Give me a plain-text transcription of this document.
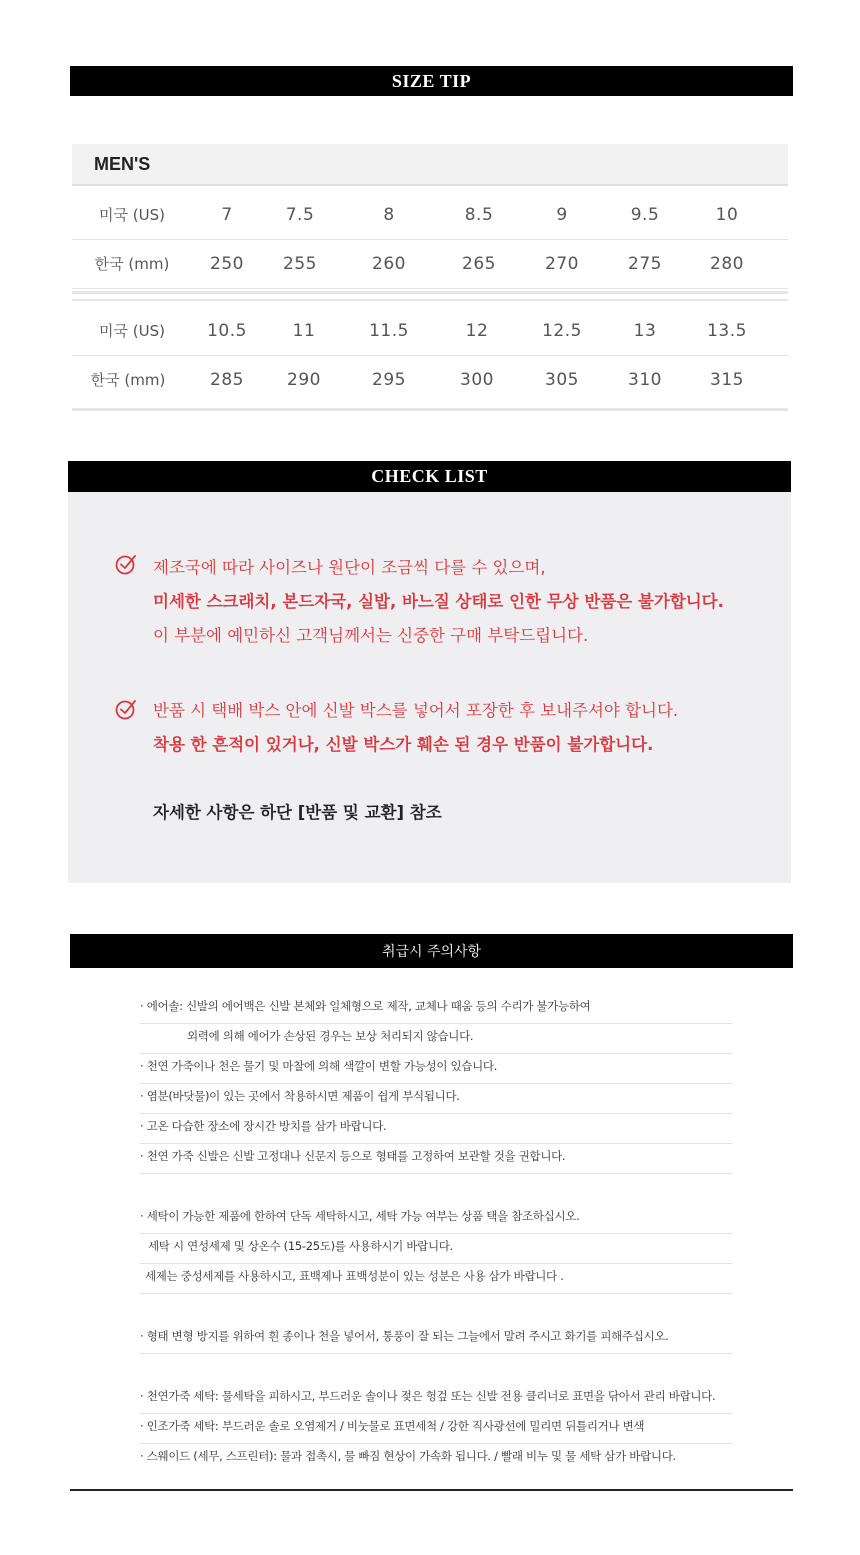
SIZE TIP
MEN'S
미국 (US)	7	7.5	8	8.5	9	9.5	10
한국 (mm)	250	255	260	265	270	275	280
미국 (US)	10.5	11	11.5	12	12.5	13	13.5
한국 (mm)	285	290	295	300	305	310	315
CHECK LIST
제조국에 따라 사이즈나 원단이 조금씩 다를 수 있으며,
미세한 스크래치, 본드자국, 실밥, 바느질 상태로 인한 무상 반품은 불가합니다.
이 부분에 예민하신 고객님께서는 신중한 구매 부탁드립니다.
반품 시 택배 박스 안에 신발 박스를 넣어서 포장한 후 보내주셔야 합니다.
착용 한 흔적이 있거나, 신발 박스가 훼손 된 경우 반품이 불가합니다.
자세한 사항은 하단 [반품 및 교환] 참조
취급시 주의사항
· 에어솔: 신발의 에어백은 신발 본체와 일체형으로 제작, 교체나 때움 등의 수리가 불가능하여
외력에 의해 에어가 손상된 경우는 보상 처리되지 않습니다.
· 천연 가죽이나 천은 물기 및 마찰에 의해 색깔이 변할 가능성이 있습니다.
· 염분(바닷물)이 있는 곳에서 착용하시면 제품이 쉽게 부식됩니다.
· 고온 다습한 장소에 장시간 방치를 삼가 바랍니다.
· 천연 가죽 신발은 신발 고정대나 신문지 등으로 형태를 고정하여 보관할 것을 권합니다.
· 세탁이 가능한 제품에 한하여 단독 세탁하시고, 세탁 가능 여부는 상품 택을 참조하십시오.
세탁 시 연성세제 및 상온수 (15-25도)를 사용하시기 바랍니다.
세제는 중성세제를 사용하시고, 표백제나 표백성분이 있는 성분은 사용 삼가 바랍니다 .
· 형태 변형 방지를 위하여 흰 종이나 천을 넣어서, 통풍이 잘 되는 그늘에서 말려 주시고 화기를 피해주십시오.
· 천연가죽 세탁: 물세탁을 피하시고, 부드러운 솔이나 젖은 헝겊 또는 신발 전용 클리너로 표면을 닦아서 관리 바랍니다.
· 인조가죽 세탁: 부드러운 솔로 오염제거 / 비눗물로 표면세척 / 강한 직사광선에 밀리면 뒤틀리거나 변색
· 스웨이드 (세무, 스프린터): 물과 접촉시, 물 빠짐 현상이 가속화 됩니다. / 빨래 비누 및 물 세탁 삼가 바랍니다.
